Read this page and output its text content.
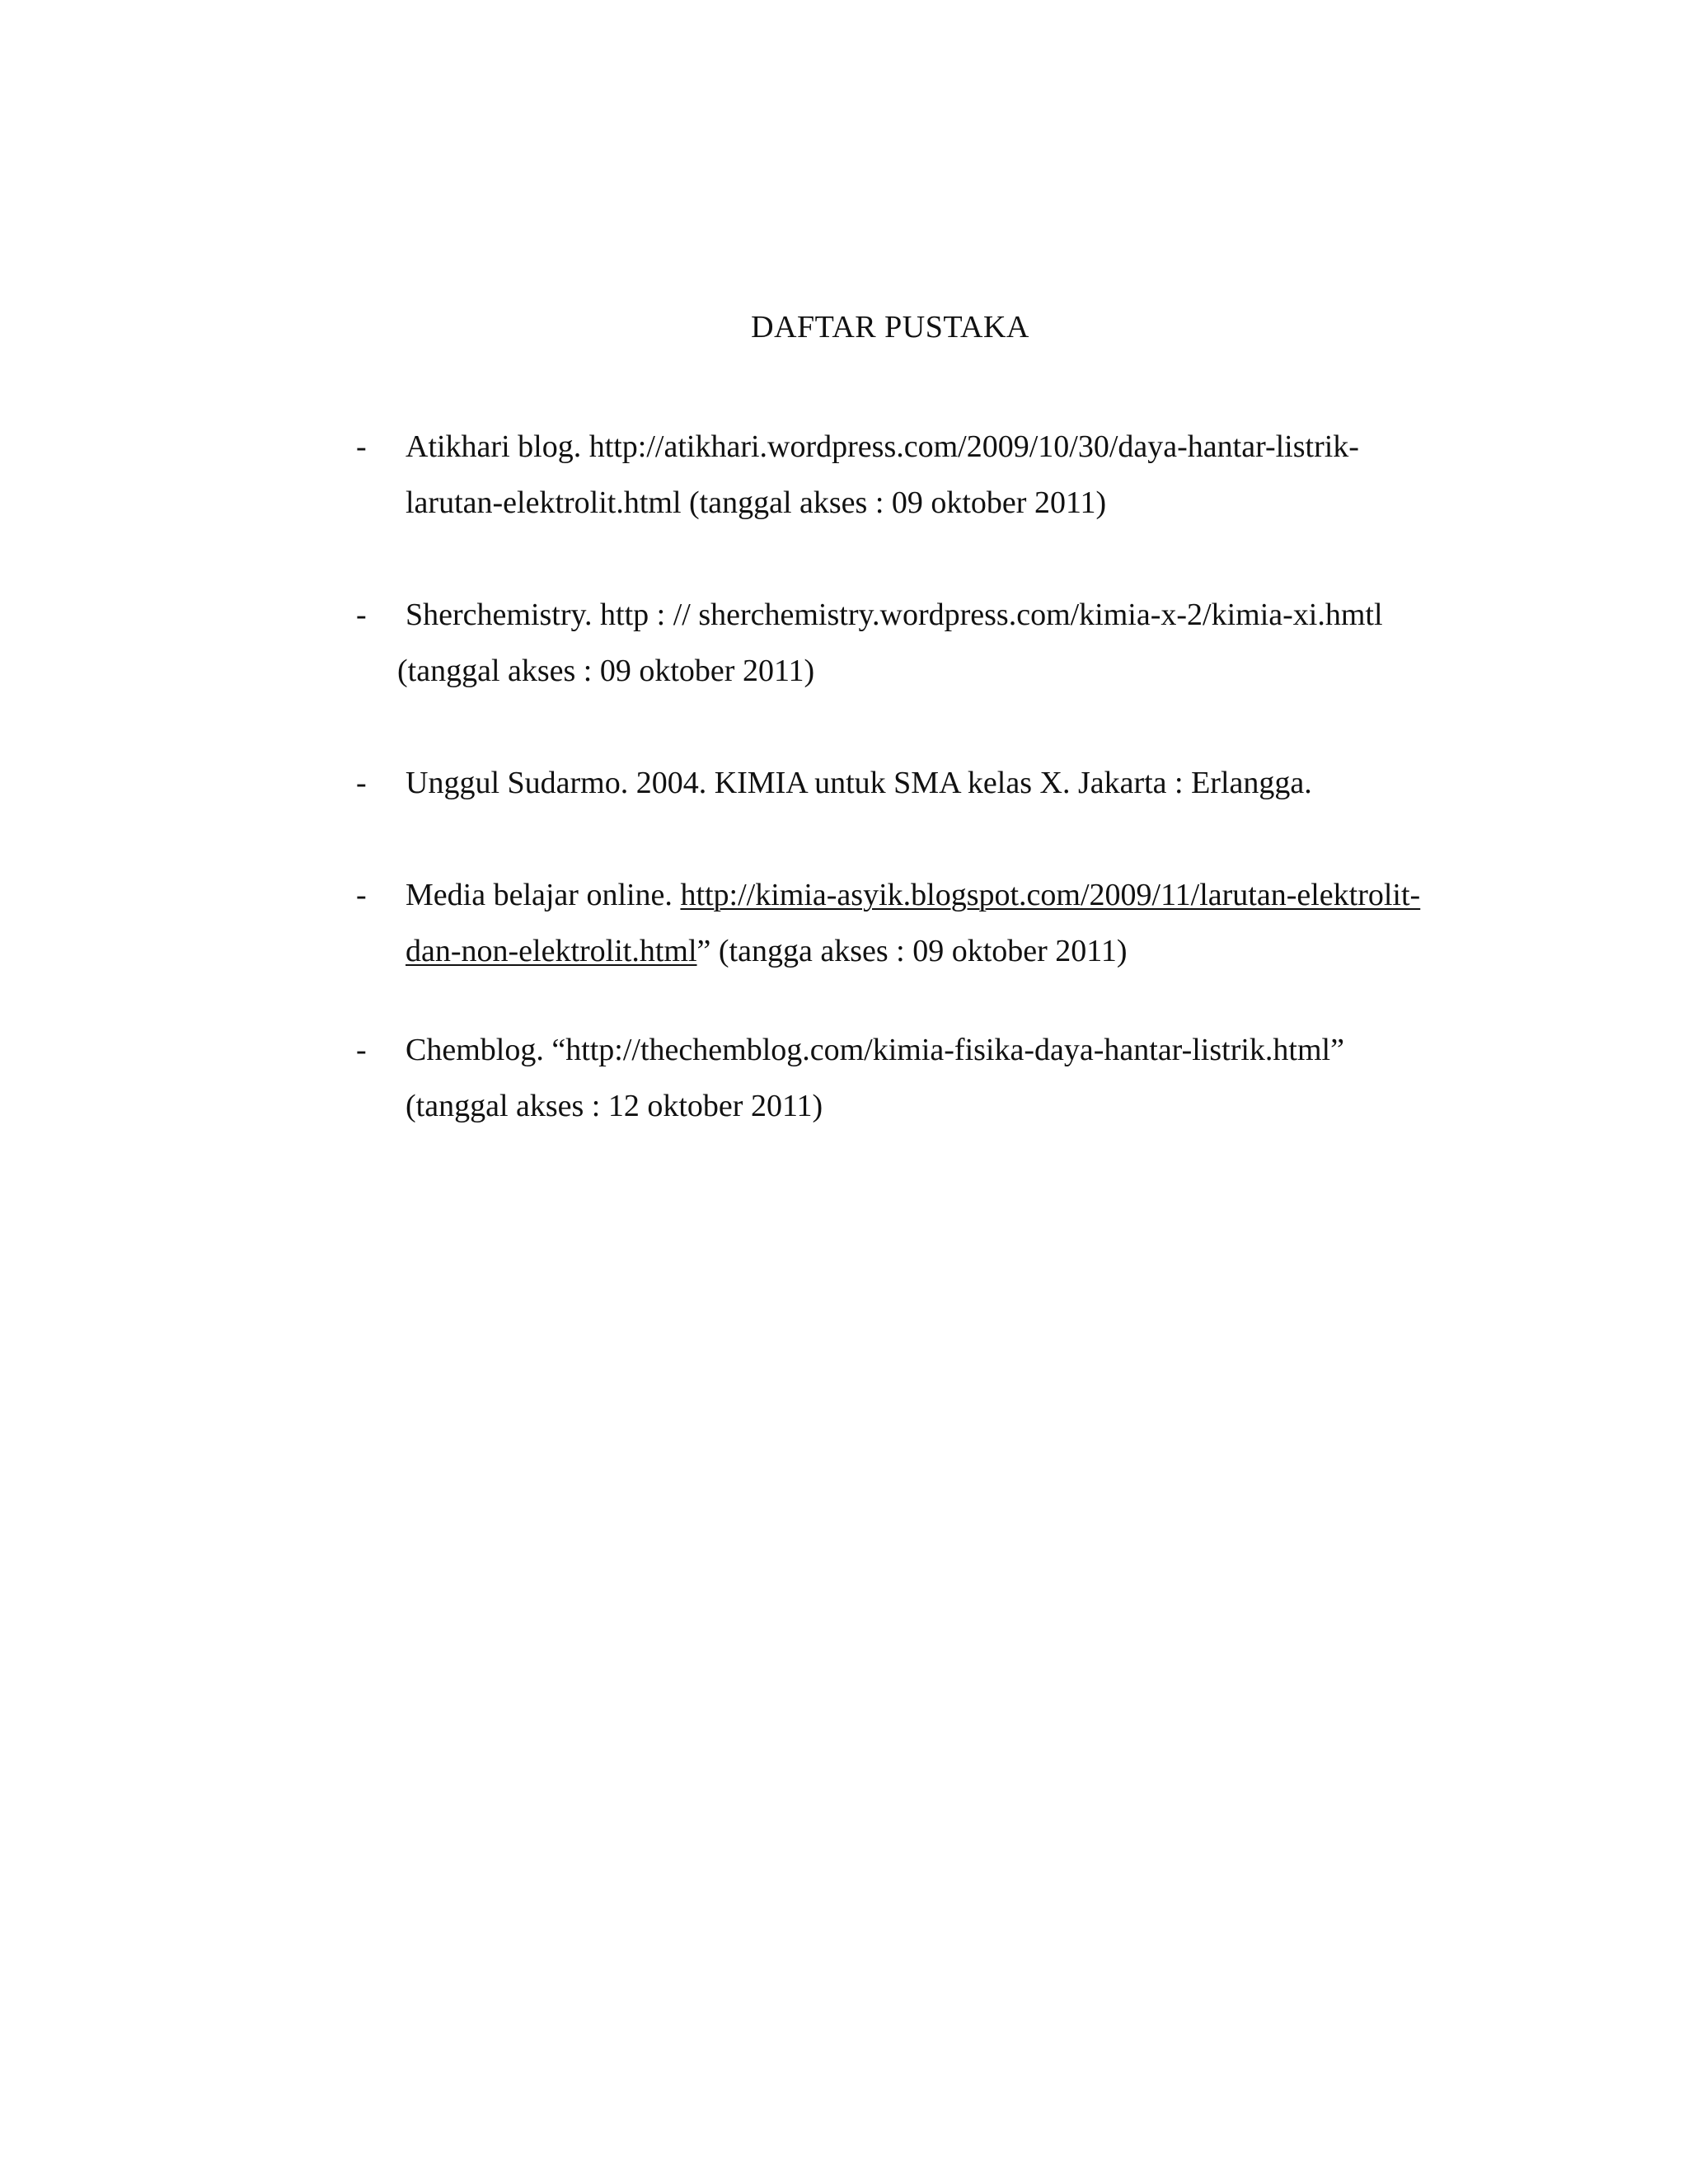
DAFTAR PUSTAKA
- Atikhari blog. http://atikhari.wordpress.com/2009/10/30/daya-hantar-listrik-
larutan-elektrolit.html (tanggal akses : 09 oktober 2011)
- Sherchemistry. http : // sherchemistry.wordpress.com/kimia-x-2/kimia-xi.hmtl
(tanggal akses : 09 oktober 2011)
- Unggul Sudarmo. 2004. KIMIA untuk SMA kelas X. Jakarta : Erlangga.
- Media belajar online. http://kimia-asyik.blogspot.com/2009/11/larutan-elektrolit-
dan-non-elektrolit.html” (tangga akses : 09 oktober 2011)
- Chemblog. “http://thechemblog.com/kimia-fisika-daya-hantar-listrik.html”
(tanggal akses : 12 oktober 2011)
